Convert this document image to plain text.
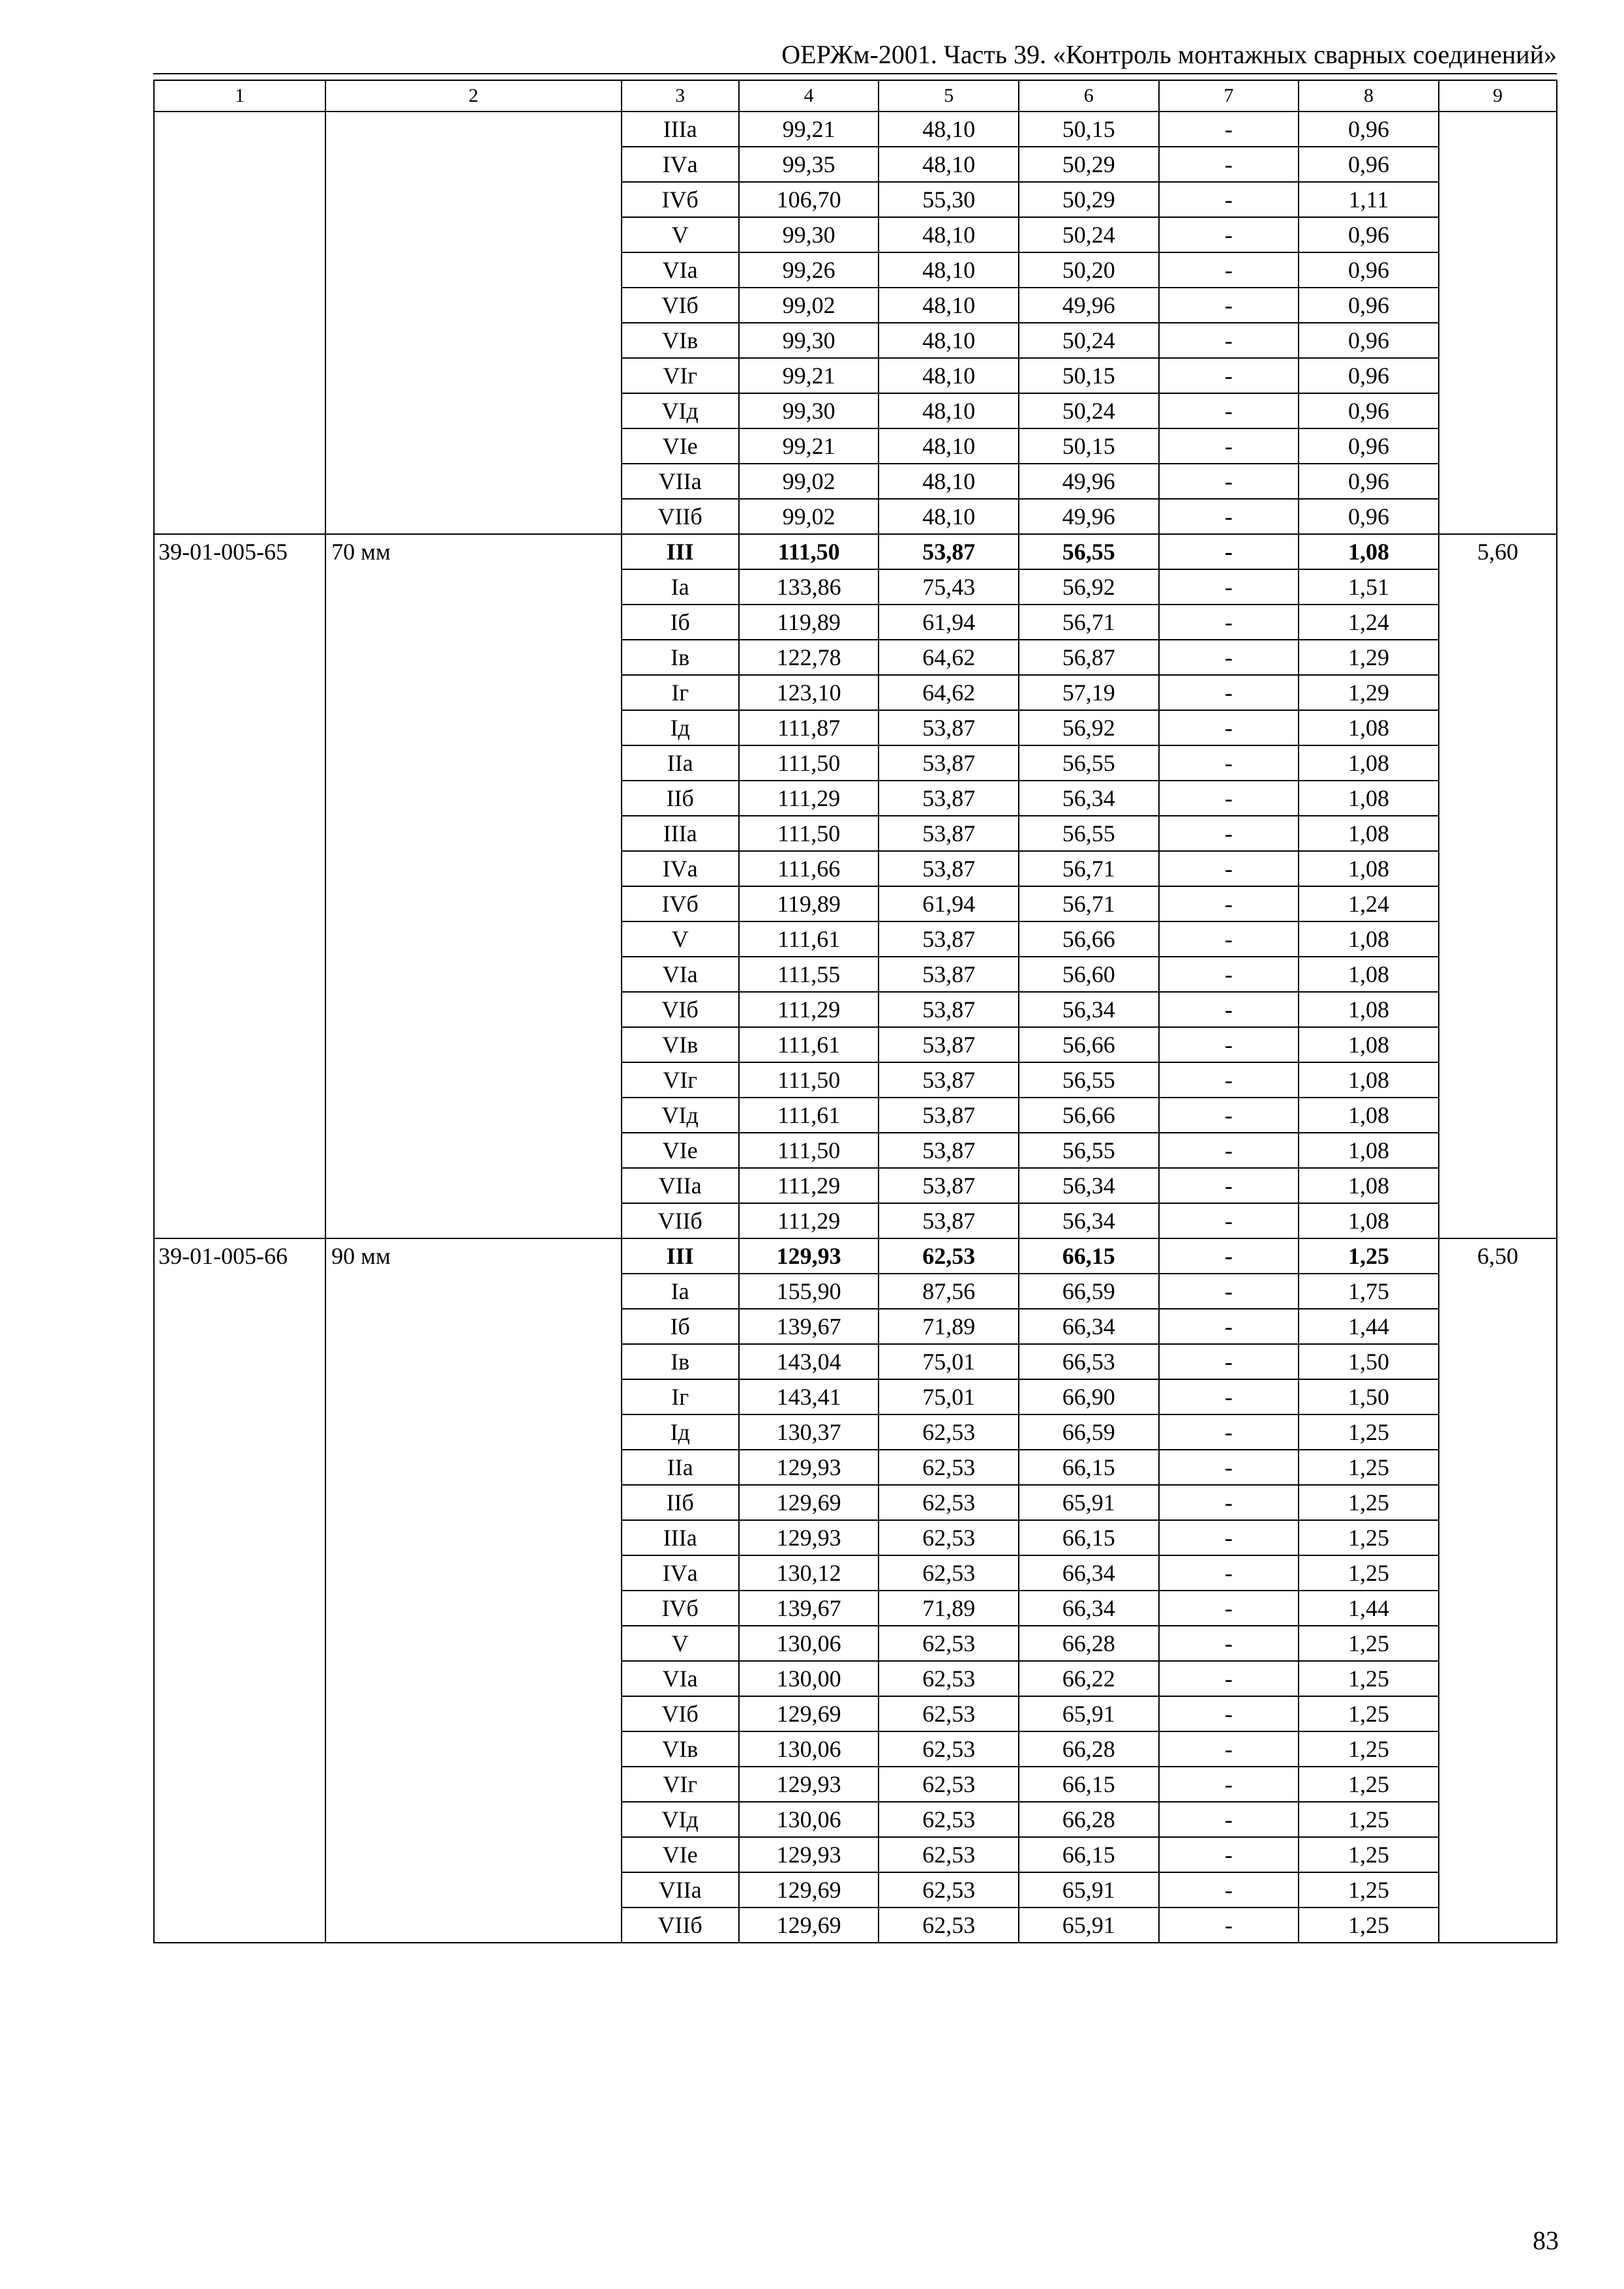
ОЕРЖм-2001. Часть 39. «Контроль монтажных сварных соединений»
1	2	3	4	5	6	7	8	9
		IIIа	99,21	48,10	50,15	-	0,96	
		IVа	99,35	48,10	50,29	-	0,96	
		IVб	106,70	55,30	50,29	-	1,11	
		V	99,30	48,10	50,24	-	0,96	
		VIа	99,26	48,10	50,20	-	0,96	
		VIб	99,02	48,10	49,96	-	0,96	
		VIв	99,30	48,10	50,24	-	0,96	
		VIг	99,21	48,10	50,15	-	0,96	
		VIд	99,30	48,10	50,24	-	0,96	
		VIе	99,21	48,10	50,15	-	0,96	
		VIIа	99,02	48,10	49,96	-	0,96	
		VIIб	99,02	48,10	49,96	-	0,96	
39-01-005-65	70 мм	III	111,50	53,87	56,55	-	1,08	5,60
		Iа	133,86	75,43	56,92	-	1,51	
		Iб	119,89	61,94	56,71	-	1,24	
		Iв	122,78	64,62	56,87	-	1,29	
		Iг	123,10	64,62	57,19	-	1,29	
		Iд	111,87	53,87	56,92	-	1,08	
		IIа	111,50	53,87	56,55	-	1,08	
		IIб	111,29	53,87	56,34	-	1,08	
		IIIа	111,50	53,87	56,55	-	1,08	
		IVа	111,66	53,87	56,71	-	1,08	
		IVб	119,89	61,94	56,71	-	1,24	
		V	111,61	53,87	56,66	-	1,08	
		VIа	111,55	53,87	56,60	-	1,08	
		VIб	111,29	53,87	56,34	-	1,08	
		VIв	111,61	53,87	56,66	-	1,08	
		VIг	111,50	53,87	56,55	-	1,08	
		VIд	111,61	53,87	56,66	-	1,08	
		VIе	111,50	53,87	56,55	-	1,08	
		VIIа	111,29	53,87	56,34	-	1,08	
		VIIб	111,29	53,87	56,34	-	1,08	
39-01-005-66	90 мм	III	129,93	62,53	66,15	-	1,25	6,50
		Iа	155,90	87,56	66,59	-	1,75	
		Iб	139,67	71,89	66,34	-	1,44	
		Iв	143,04	75,01	66,53	-	1,50	
		Iг	143,41	75,01	66,90	-	1,50	
		Iд	130,37	62,53	66,59	-	1,25	
		IIа	129,93	62,53	66,15	-	1,25	
		IIб	129,69	62,53	65,91	-	1,25	
		IIIа	129,93	62,53	66,15	-	1,25	
		IVа	130,12	62,53	66,34	-	1,25	
		IVб	139,67	71,89	66,34	-	1,44	
		V	130,06	62,53	66,28	-	1,25	
		VIа	130,00	62,53	66,22	-	1,25	
		VIб	129,69	62,53	65,91	-	1,25	
		VIв	130,06	62,53	66,28	-	1,25	
		VIг	129,93	62,53	66,15	-	1,25	
		VIд	130,06	62,53	66,28	-	1,25	
		VIе	129,93	62,53	66,15	-	1,25	
		VIIа	129,69	62,53	65,91	-	1,25	
		VIIб	129,69	62,53	65,91	-	1,25	
83
